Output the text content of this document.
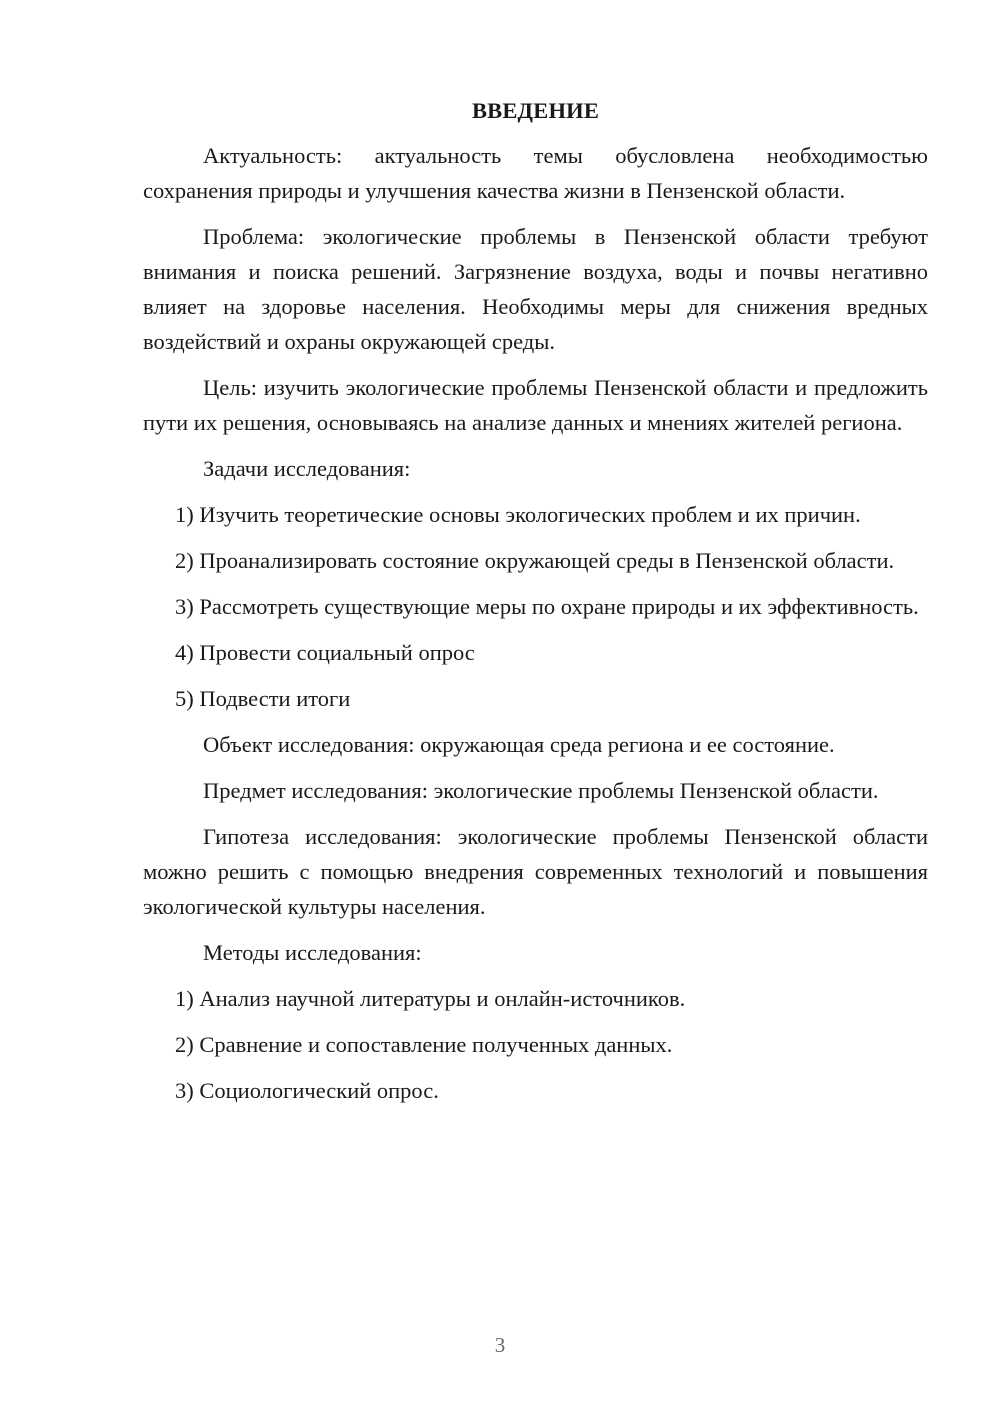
ВВЕДЕНИЕ

Актуальность: актуальность темы обусловлена необходимостью сохранения природы и улучшения качества жизни в Пензенской области.

Проблема: экологические проблемы в Пензенской области требуют внимания и поиска решений. Загрязнение воздуха, воды и почвы негативно влияет на здоровье населения. Необходимы меры для снижения вредных воздействий и охраны окружающей среды.

Цель: изучить экологические проблемы Пензенской области и предложить пути их решения, основываясь на анализе данных и мнениях жителей региона.

Задачи исследования:

1) Изучить теоретические основы экологических проблем и их причин.

2) Проанализировать состояние окружающей среды в Пензенской области.

3) Рассмотреть существующие меры по охране природы и их эффективность.

4) Провести социальный опрос

5) Подвести итоги

Объект исследования: окружающая среда региона и ее состояние.

Предмет исследования: экологические проблемы Пензенской области.

Гипотеза исследования: экологические проблемы Пензенской области можно решить с помощью внедрения современных технологий и повышения экологической культуры населения.

Методы исследования:

1) Анализ научной литературы и онлайн-источников.

2) Сравнение и сопоставление полученных данных.

3) Социологический опрос.

3
